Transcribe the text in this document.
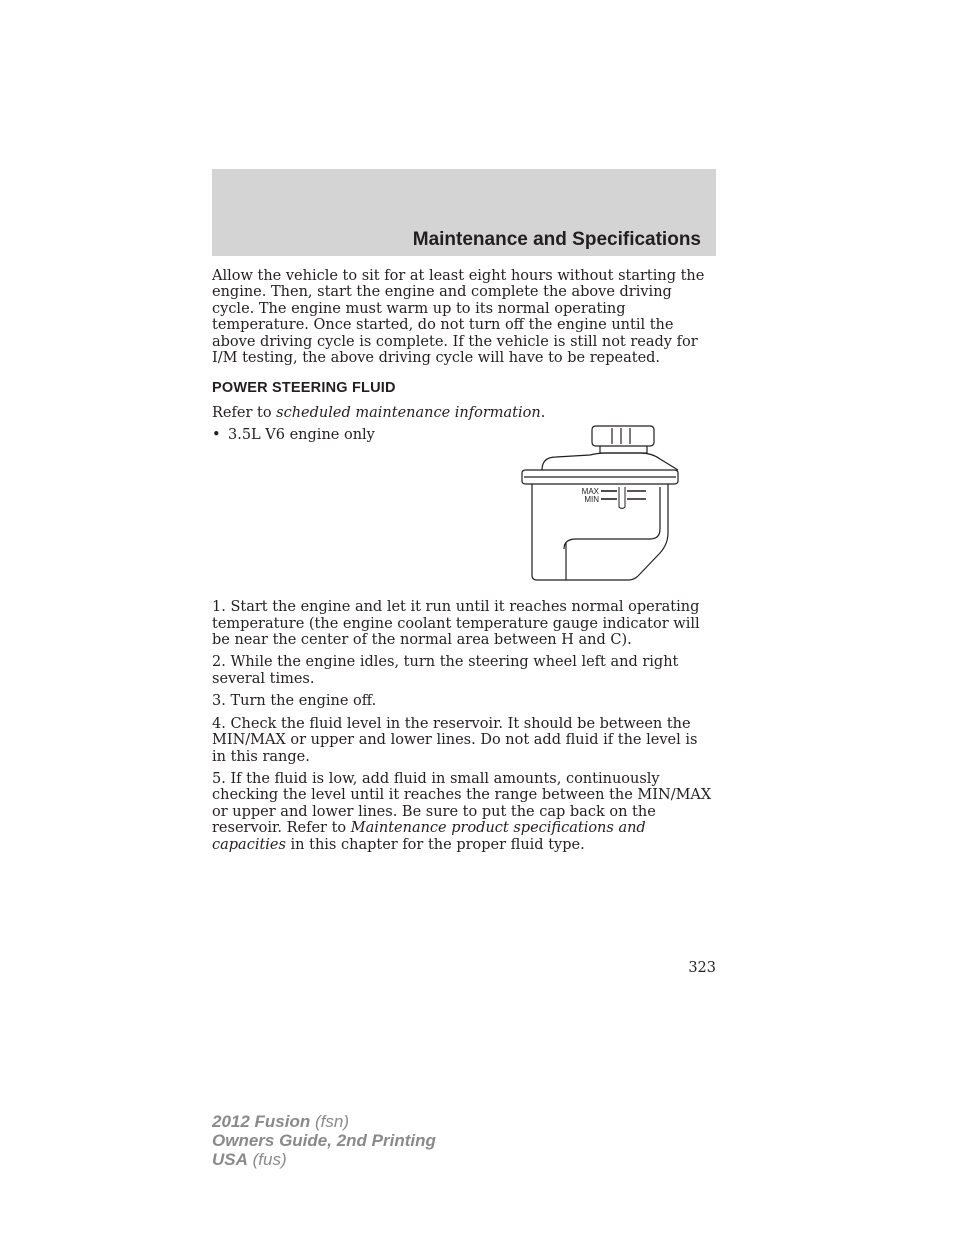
Maintenance and Specifications

Allow the vehicle to sit for at least eight hours without starting the engine. Then, start the engine and complete the above driving cycle. The engine must warm up to its normal operating temperature. Once started, do not turn off the engine until the above driving cycle is complete. If the vehicle is still not ready for I/M testing, the above driving cycle will have to be repeated.

POWER STEERING FLUID

Refer to scheduled maintenance information.

• 3.5L V6 engine only
MAX
MIN

1. Start the engine and let it run until it reaches normal operating temperature (the engine coolant temperature gauge indicator will be near the center of the normal area between H and C).

2. While the engine idles, turn the steering wheel left and right several times.

3. Turn the engine off.

4. Check the fluid level in the reservoir. It should be between the MIN/MAX or upper and lower lines. Do not add fluid if the level is in this range.

5. If the fluid is low, add fluid in small amounts, continuously checking the level until it reaches the range between the MIN/MAX or upper and lower lines. Be sure to put the cap back on the reservoir. Refer to Maintenance product specifications and capacities in this chapter for the proper fluid type.

323
2012 Fusion (fsn)
Owners Guide, 2nd Printing
USA (fus)
